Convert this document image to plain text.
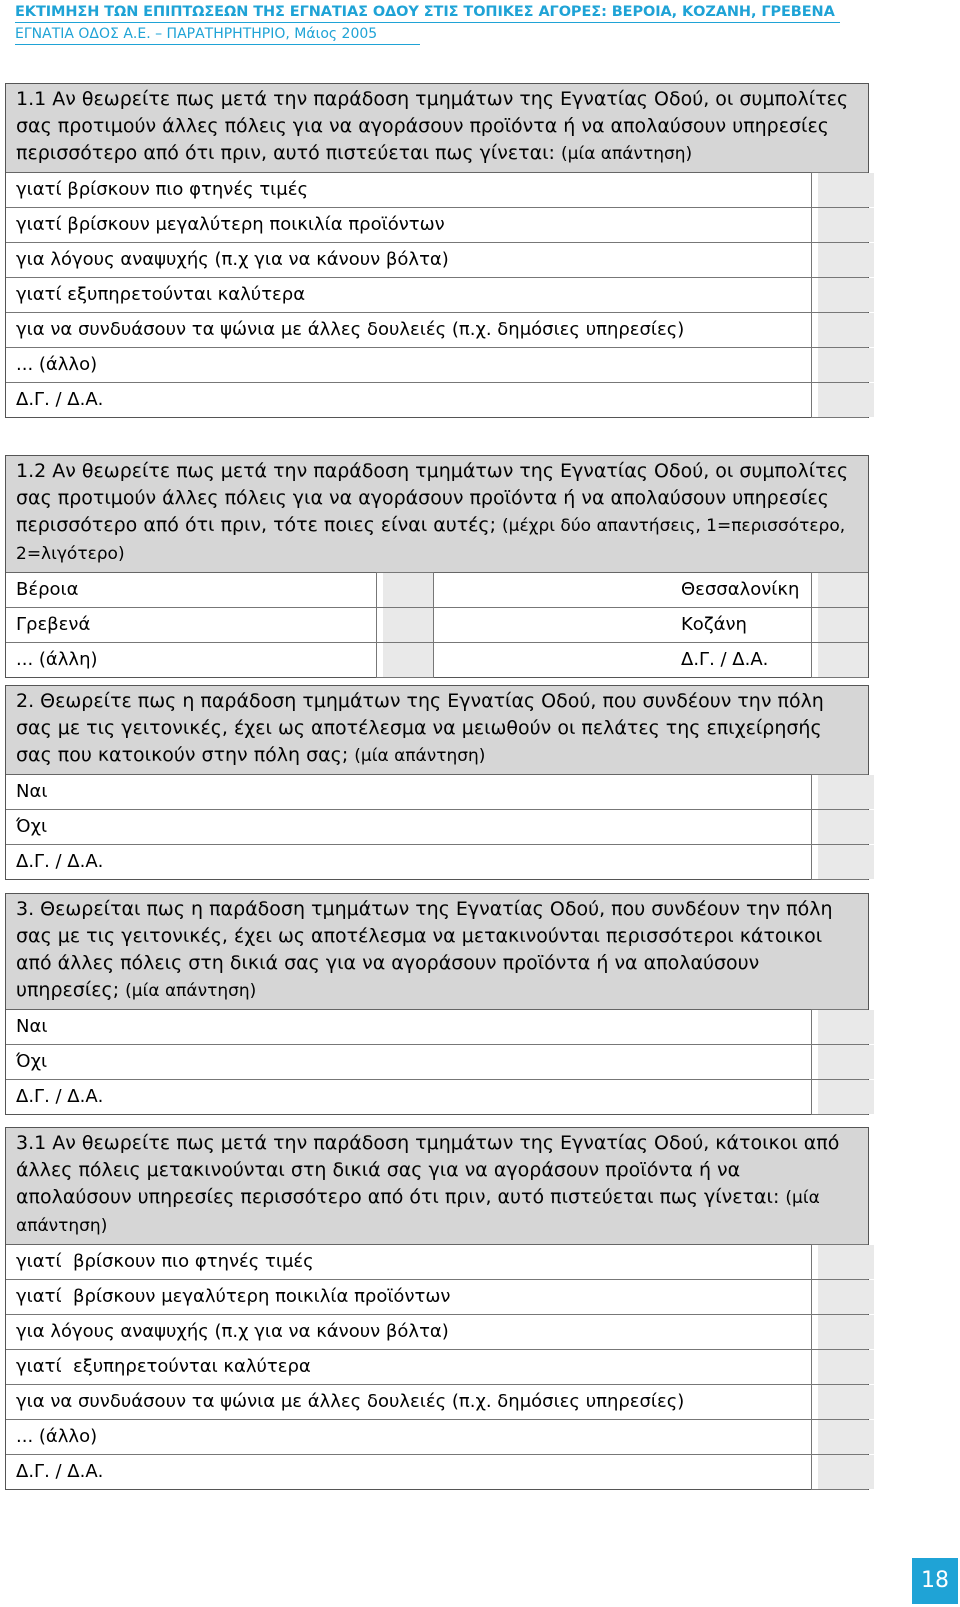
ΕΚΤΙΜΗΣΗ ΤΩΝ ΕΠΙΠΤΩΣΕΩΝ ΤΗΣ ΕΓΝΑΤΙΑΣ ΟΔΟΥ ΣΤΙΣ ΤΟΠΙΚΕΣ ΑΓΟΡΕΣ: ΒΕΡΟΙΑ, ΚΟΖΑΝΗ, ΓΡΕΒΕΝΑ
ΕΓΝΑΤΙΑ ΟΔΟΣ Α.Ε. – ΠΑΡΑΤΗΡΗΤΗΡΙΟ, Μάιος 2005
1.1 Αν θεωρείτε πως μετά την παράδοση τμημάτων της Εγνατίας Οδού, οι συμπολίτες σας προτιμούν άλλες πόλεις για να αγοράσουν προϊόντα ή να απολαύσουν υπηρεσίες περισσότερο από ότι πριν, αυτό πιστεύεται πως γίνεται: (μία απάντηση)
γιατί βρίσκουν πιο φτηνές τιμές
γιατί βρίσκουν μεγαλύτερη ποικιλία προϊόντων
για λόγους αναψυχής (π.χ για να κάνουν βόλτα)
γιατί εξυπηρετούνται καλύτερα
για να συνδυάσουν τα ψώνια με άλλες δουλειές (π.χ. δημόσιες υπηρεσίες)
... (άλλο)
Δ.Γ. / Δ.Α.
1.2 Αν θεωρείτε πως μετά την παράδοση τμημάτων της Εγνατίας Οδού, οι συμπολίτες σας προτιμούν άλλες πόλεις για να αγοράσουν προϊόντα ή να απολαύσουν υπηρεσίες περισσότερο από ότι πριν, τότε ποιες είναι αυτές; (μέχρι δύο απαντήσεις, 1=περισσότερο, 2=λιγότερο)
Βέροια	Θεσσαλονίκη
Γρεβενά	Κοζάνη
... (άλλη)	Δ.Γ. / Δ.Α.
2. Θεωρείτε πως η παράδοση τμημάτων της Εγνατίας Οδού, που συνδέουν την πόλη σας με τις γειτονικές, έχει ως αποτέλεσμα να μειωθούν οι πελάτες της επιχείρησής σας που κατοικούν στην πόλη σας; (μία απάντηση)
Ναι
Όχι
Δ.Γ. / Δ.Α.
3. Θεωρείται πως η παράδοση τμημάτων της Εγνατίας Οδού, που συνδέουν την πόλη σας με τις γειτονικές, έχει ως αποτέλεσμα να μετακινούνται περισσότεροι κάτοικοι από άλλες πόλεις στη δικιά σας για να αγοράσουν προϊόντα ή να απολαύσουν υπηρεσίες; (μία απάντηση)
Ναι
Όχι
Δ.Γ. / Δ.Α.
3.1 Αν θεωρείτε πως μετά την παράδοση τμημάτων της Εγνατίας Οδού, κάτοικοι από άλλες πόλεις μετακινούνται στη δικιά σας για να αγοράσουν προϊόντα ή να απολαύσουν υπηρεσίες περισσότερο από ότι πριν, αυτό πιστεύεται πως γίνεται: (μία απάντηση)
γιατί  βρίσκουν πιο φτηνές τιμές
γιατί  βρίσκουν μεγαλύτερη ποικιλία προϊόντων
για λόγους αναψυχής (π.χ για να κάνουν βόλτα)
γιατί  εξυπηρετούνται καλύτερα
για να συνδυάσουν τα ψώνια με άλλες δουλειές (π.χ. δημόσιες υπηρεσίες)
... (άλλο)
Δ.Γ. / Δ.Α.
18
